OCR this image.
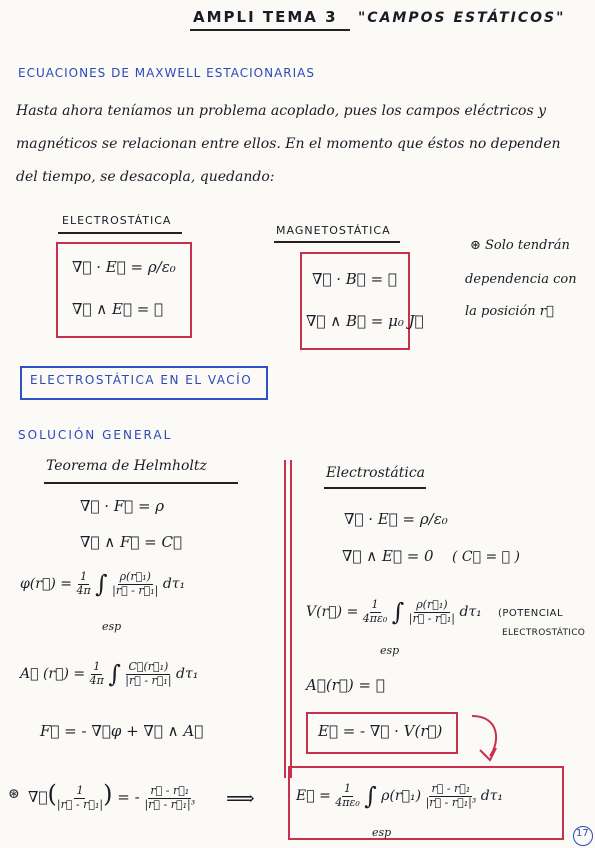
AMPLI TEMA 3 "CAMPOS ESTÁTICOS"
ECUACIONES DE MAXWELL ESTACIONARIAS
Hasta ahora teníamos un problema acoplado, pues los campos eléctricos y
magnéticos se relacionan entre ellos. En el momento que éstos no dependen
del tiempo, se desacopla, quedando:
ELECTROSTÁTICA
∇⃗ · E⃗ = ρ/ε₀
∇⃗ ∧ E⃗ = ∅
MAGNETOSTÁTICA
∇⃗ · B⃗ = ∅
∇⃗ ∧ B⃗ = μ₀ J⃗
⊛ Solo tendrán
dependencia con
la posición r⃗
ELECTROSTÁTICA EN EL VACÍO
SOLUCIÓN GENERAL
Teorema de Helmholtz
∇⃗ · F⃗ = ρ
∇⃗ ∧ F⃗ = C⃗
φ(r⃗) = $\frac{1}{4\pi}$ ∫ $\frac{\text{ρ(r⃗₁)}}{\text{|r⃗ - r⃗₁|}} d\tau_1$
esp
A⃗ (r⃗) = $\frac{1}{4\pi}$ ∫ $\frac{\text{C⃗(r⃗₁)}}{\text{|r⃗ - r⃗₁|}} d\tau_1$
F⃗ = - ∇⃗φ + ∇⃗ ∧ A⃗
Electrostática
∇⃗ · E⃗ = ρ/ε₀
∇⃗ ∧ E⃗ = 0 ( C⃗ = ∅ )
V(r⃗) = $\frac{1}{\text{4πε₀}}$ ∫ $\frac{\text{ρ(r⃗₁)}}{\text{|r⃗ - r⃗₁|}} d\tau_1$
esp
(POTENCIAL
ELECTROSTÁTICO
A⃗(r⃗) = ∅
E⃗ = - ∇⃗ · V(r⃗)
⊛ ∇⃗( $\frac{1}{\text{|r⃗ - r⃗₁|}}$ ) = - $\frac{\text{r⃗ - r⃗₁}}{\text{|r⃗ - r⃗₁|³}}$ ⟹	E⃗ = $\frac{1}{\text{4πε₀}}$ ∫ ρ(r⃗₁) $\frac{\text{r⃗ - r⃗₁}}{\text{|r⃗ - r⃗₁|³}} d\tau_1$
esp	17
